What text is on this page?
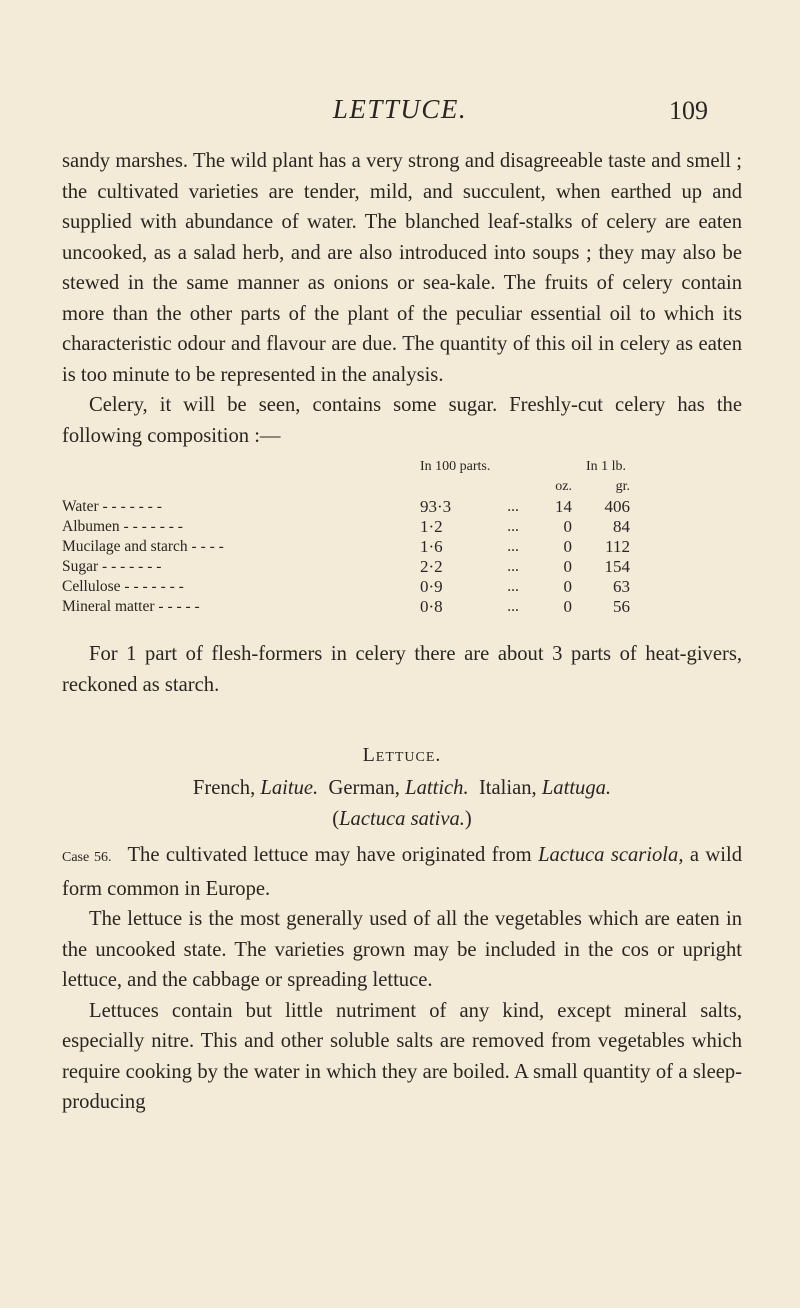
LETTUCE.	109

sandy marshes. The wild plant has a very strong and disagreeable taste and smell ; the cultivated varieties are tender, mild, and succulent, when earthed up and supplied with abundance of water. The blanched leaf-stalks of celery are eaten uncooked, as a salad herb, and are also introduced into soups ; they may also be stewed in the same manner as onions or sea-kale. The fruits of celery contain more than the other parts of the plant of the peculiar essential oil to which its characteristic odour and flavour are due. The quantity of this oil in celery as eaten is too minute to be represented in the analysis.

Celery, it will be seen, contains some sugar. Freshly-cut celery has the following composition :—

	In 100 parts.		In 1 lb.	
			oz.	gr.
Water - - - - - - -	93·3	...	14	406
Albumen - - - - - - -	1·2	...	0	84
Mucilage and starch - - - -	1·6	...	0	112
Sugar - - - - - - -	2·2	...	0	154
Cellulose - - - - - - -	0·9	...	0	63
Mineral matter - - - - -	0·8	...	0	56

For 1 part of flesh-formers in celery there are about 3 parts of heat-givers, reckoned as starch.

Lettuce.
French, Laitue. German, Lattich. Italian, Lattuga.
(Lactuca sativa.)

Case 56. The cultivated lettuce may have originated from Lactuca scariola, a wild form common in Europe.

The lettuce is the most generally used of all the vegetables which are eaten in the uncooked state. The varieties grown may be included in the cos or upright lettuce, and the cabbage or spreading lettuce.

Lettuces contain but little nutriment of any kind, except mineral salts, especially nitre. This and other soluble salts are removed from vegetables which require cooking by the water in which they are boiled. A small quantity of a sleep-producing
